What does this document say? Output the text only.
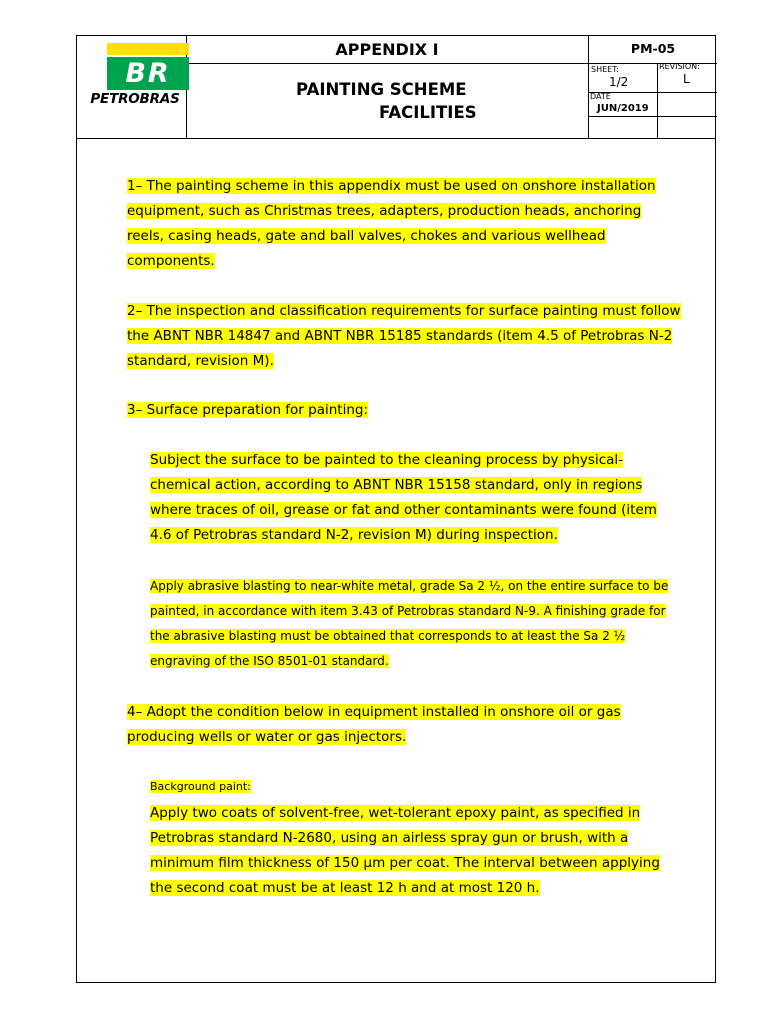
BR
PETROBRAS
APPENDIX I
PAINTING SCHEME
FACILITIES
PM-05
SHEET:
1/2
REVISION:
L
DATE
JUN/2019
1– The painting scheme in this appendix must be used on onshore installation equipment, such as Christmas trees, adapters, production heads, anchoring reels, casing heads, gate and ball valves, chokes and various wellhead components.
2– The inspection and classification requirements for surface painting must follow the ABNT NBR 14847 and ABNT NBR 15185 standards (item 4.5 of Petrobras N-2 standard, revision M).
3– Surface preparation for painting:
Subject the surface to be painted to the cleaning process by physical-chemical action, according to ABNT NBR 15158 standard, only in regions where traces of oil, grease or fat and other contaminants were found (item 4.6 of Petrobras standard N-2, revision M) during inspection.
Apply abrasive blasting to near-white metal, grade Sa 2 ½, on the entire surface to be painted, in accordance with item 3.43 of Petrobras standard N-9. A finishing grade for the abrasive blasting must be obtained that corresponds to at least the Sa 2 ½ engraving of the ISO 8501-01 standard.
4– Adopt the condition below in equipment installed in onshore oil or gas producing wells or water or gas injectors.
Background paint:
Apply two coats of solvent-free, wet-tolerant epoxy paint, as specified in Petrobras standard N-2680, using an airless spray gun or brush, with a minimum film thickness of 150 µm per coat. The interval between applying the second coat must be at least 12 h and at most 120 h.
